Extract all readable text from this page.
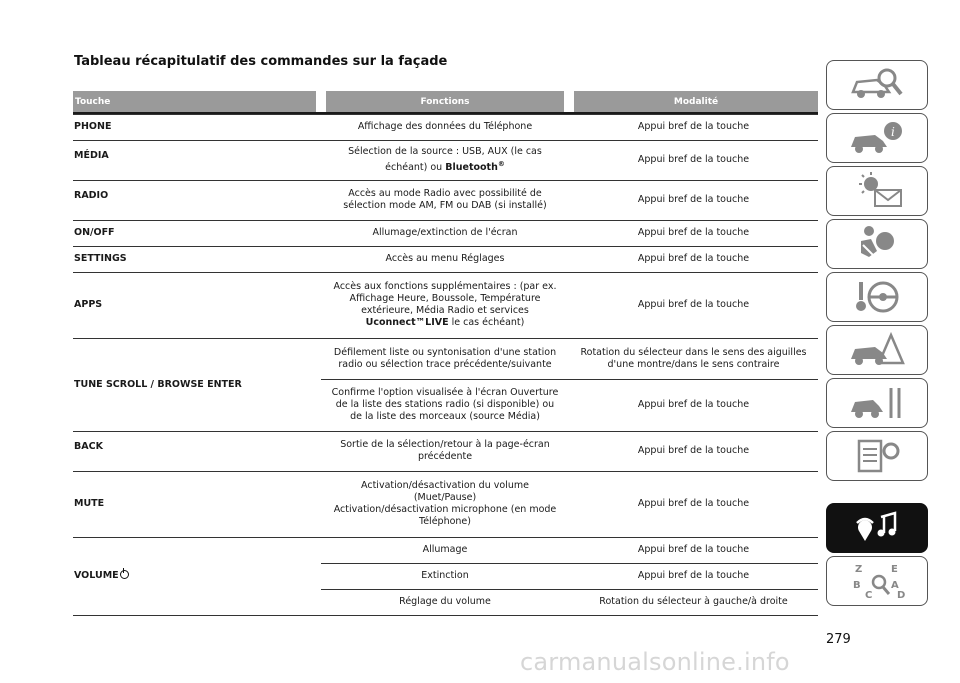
Tableau récapitulatif des commandes sur la façade
Touche	Fonctions	Modalité

PHONE	Affichage des données du Téléphone	Appui bref de la touche
MÉDIA	Sélection de la source : USB, AUX (le cas
échéant) ou Bluetooth®	Appui bref de la touche
RADIO	Accès au mode Radio avec possibilité de
sélection mode AM, FM ou DAB (si installé)	Appui bref de la touche
ON/OFF	Allumage/extinction de l'écran	Appui bref de la touche
SETTINGS	Accès au menu Réglages	Appui bref de la touche
APPS	Accès aux fonctions supplémentaires : (par ex.
Affichage Heure, Boussole, Température
extérieure, Média Radio et services
Uconnect™LIVE le cas échéant)	Appui bref de la touche
TUNE SCROLL / BROWSE ENTER	Défilement liste ou syntonisation d'une station
radio ou sélection trace précédente/suivante	Rotation du sélecteur dans le sens des aiguilles
d'une montre/dans le sens contraire
	Confirme l'option visualisée à l'écran Ouverture
de la liste des stations radio (si disponible) ou
de la liste des morceaux (source Média)	Appui bref de la touche
BACK	Sortie de la sélection/retour à la page-écran
précédente	Appui bref de la touche
MUTE	Activation/désactivation du volume
(Muet/Pause)
Activation/désactivation microphone (en mode
Téléphone)	Appui bref de la touche
VOLUME	Allumage	Appui bref de la touche
	Extinction	Appui bref de la touche
	Réglage du volume	Rotation du sélecteur à gauche/à droite
279
i
Z	E
B
C
A
D
carmanualsonline.info
